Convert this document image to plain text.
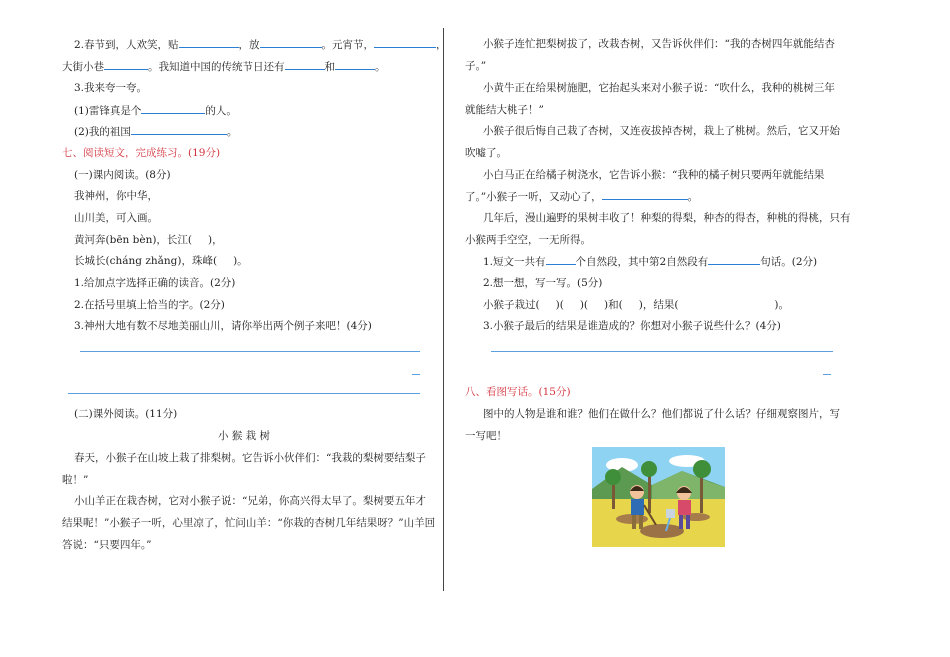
2.春节到，人欢笑，贴	，放	。元宵节，	，
大街小巷	。我知道中国的传统节日还有	和	。
3.我来夸一夸。
(1)雷锋真是个	的人。
(2)我的祖国	。
七、阅读短文，完成练习。(19分)
(一)课内阅读。(8分)
我神州，你中华，
山川美，可入画。
黄河奔(bēn bèn)，长江( )，
长城长(cháng zhǎng)，珠峰( )。
1.给加点字选择正确的读音。(2分)
2.在括号里填上恰当的字。(2分)
3.神州大地有数不尽地美丽山川，请你举出两个例子来吧！(4分)
(二)课外阅读。(11分)
小 猴 栽 树
春天，小猴子在山坡上栽了排梨树。它告诉小伙伴们：“我栽的梨树要结梨子
啦！”
小山羊正在栽杏树，它对小猴子说：“兄弟，你高兴得太早了。梨树要五年才
结果呢！”小猴子一听，心里凉了，忙问山羊：“你栽的杏树几年结果呀？”山羊回
答说：“只要四年。”
小猴子连忙把梨树拔了，改栽杏树，又告诉伙伴们：“我的杏树四年就能结杏
子。”
小黄牛正在给果树施肥，它抬起头来对小猴子说：“吹什么，我种的桃树三年
就能结大桃子！”
小猴子很后悔自己栽了杏树，又连夜拔掉杏树，栽上了桃树。然后，它又开始
吹嘘了。
小白马正在给橘子树浇水，它告诉小猴：“我种的橘子树只要两年就能结果
了。”小猴子一听，又动心了，	。
几年后，漫山遍野的果树丰收了！种梨的得梨，种杏的得杏，种桃的得桃，只有
小猴两手空空，一无所得。
1.短文一共有	个自然段，其中第2自然段有	句话。(2分)
2.想一想，写一写。(5分)
小猴子栽过( )( )( )和( )，结果(	)。
3.小猴子最后的结果是谁造成的？你想对小猴子说些什么？(4分)
八、看图写话。(15分)
图中的人物是谁和谁？他们在做什么？他们都说了什么话？仔细观察图片，写
一写吧！
